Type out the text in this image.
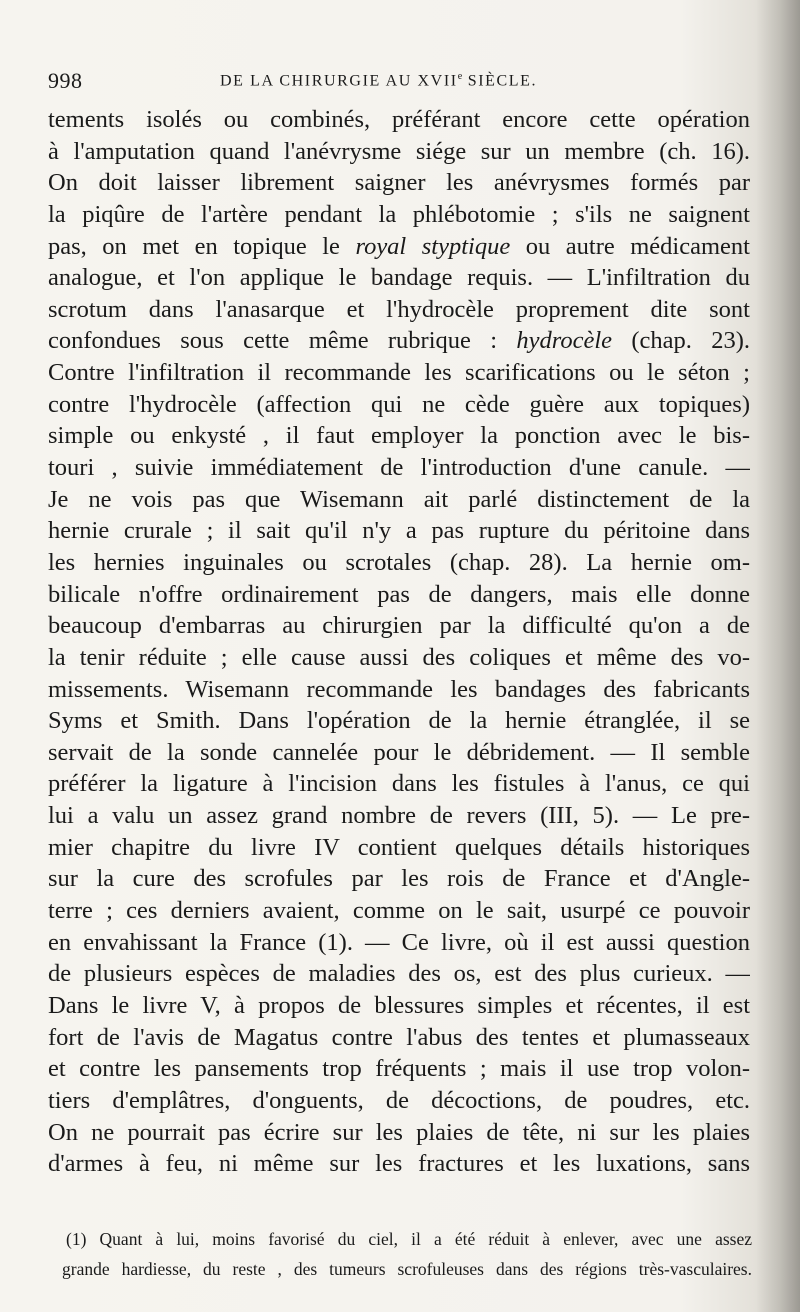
998	DE LA CHIRURGIE AU XVIIe SIÈCLE.
tements isolés ou combinés, préférant encore cette opération
à l'amputation quand l'anévrysme siége sur un membre (ch. 16).
On doit laisser librement saigner les anévrysmes formés par
la piqûre de l'artère pendant la phlébotomie ; s'ils ne saignent
pas, on met en topique le royal styptique ou autre médicament
analogue, et l'on applique le bandage requis. — L'infiltration du
scrotum dans l'anasarque et l'hydrocèle proprement dite sont
confondues sous cette même rubrique : hydrocèle (chap. 23).
Contre l'infiltration il recommande les scarifications ou le séton ;
contre l'hydrocèle (affection qui ne cède guère aux topiques)
simple ou enkysté , il faut employer la ponction avec le bis-
touri , suivie immédiatement de l'introduction d'une canule. —
Je ne vois pas que Wisemann ait parlé distinctement de la
hernie crurale ; il sait qu'il n'y a pas rupture du péritoine dans
les hernies inguinales ou scrotales (chap. 28). La hernie om-
bilicale n'offre ordinairement pas de dangers, mais elle donne
beaucoup d'embarras au chirurgien par la difficulté qu'on a de
la tenir réduite ; elle cause aussi des coliques et même des vo-
missements. Wisemann recommande les bandages des fabricants
Syms et Smith. Dans l'opération de la hernie étranglée, il se
servait de la sonde cannelée pour le débridement. — Il semble
préférer la ligature à l'incision dans les fistules à l'anus, ce qui
lui a valu un assez grand nombre de revers (III, 5). — Le pre-
mier chapitre du livre IV contient quelques détails historiques
sur la cure des scrofules par les rois de France et d'Angle-
terre ; ces derniers avaient, comme on le sait, usurpé ce pouvoir
en envahissant la France (1). — Ce livre, où il est aussi question
de plusieurs espèces de maladies des os, est des plus curieux. —
Dans le livre V, à propos de blessures simples et récentes, il est
fort de l'avis de Magatus contre l'abus des tentes et plumasseaux
et contre les pansements trop fréquents ; mais il use trop volon-
tiers d'emplâtres, d'onguents, de décoctions, de poudres, etc.
On ne pourrait pas écrire sur les plaies de tête, ni sur les plaies
d'armes à feu, ni même sur les fractures et les luxations, sans
(1) Quant à lui, moins favorisé du ciel, il a été réduit à enlever, avec une assez
grande hardiesse, du reste , des tumeurs scrofuleuses dans des régions très-vasculaires.
